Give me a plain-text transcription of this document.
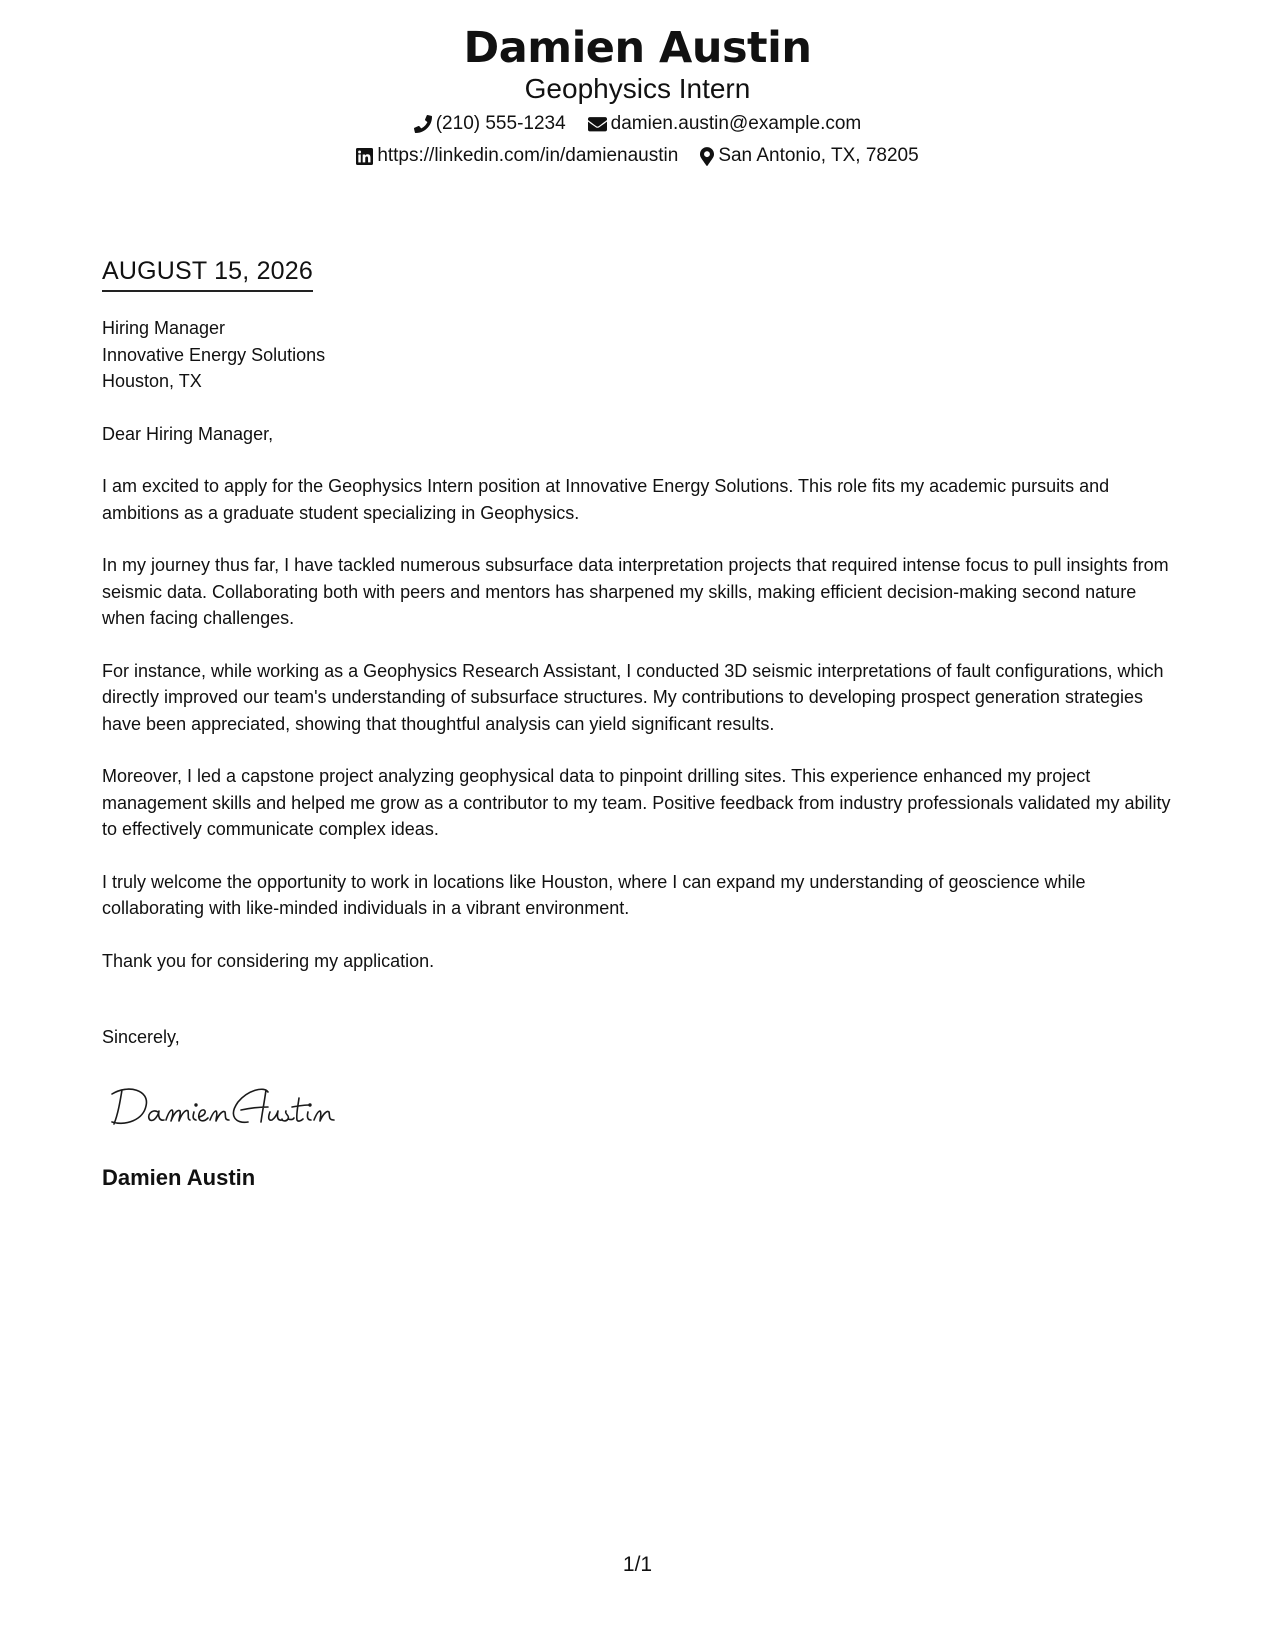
Damien Austin
Geophysics Intern
(210) 555-1234 damien.austin@example.com
https://linkedin.com/in/damienaustin San Antonio, TX, 78205
AUGUST 15, 2026

Hiring Manager

Innovative Energy Solutions

Houston, TX

Dear Hiring Manager,

I am excited to apply for the Geophysics Intern position at Innovative Energy Solutions. This role fits my academic pursuits and ambitions as a graduate student specializing in Geophysics.

In my journey thus far, I have tackled numerous subsurface data interpretation projects that required intense focus to pull insights from seismic data. Collaborating both with peers and mentors has sharpened my skills, making efficient decision-making second nature when facing challenges.

For instance, while working as a Geophysics Research Assistant, I conducted 3D seismic interpretations of fault configurations, which directly improved our team's understanding of subsurface structures. My contributions to developing prospect generation strategies have been appreciated, showing that thoughtful analysis can yield significant results.

Moreover, I led a capstone project analyzing geophysical data to pinpoint drilling sites. This experience enhanced my project management skills and helped me grow as a contributor to my team. Positive feedback from industry professionals validated my ability to effectively communicate complex ideas.

I truly welcome the opportunity to work in locations like Houston, where I can expand my understanding of geoscience while collaborating with like-minded individuals in a vibrant environment.

Thank you for considering my application.

Sincerely,
Damien Austin
1/1
